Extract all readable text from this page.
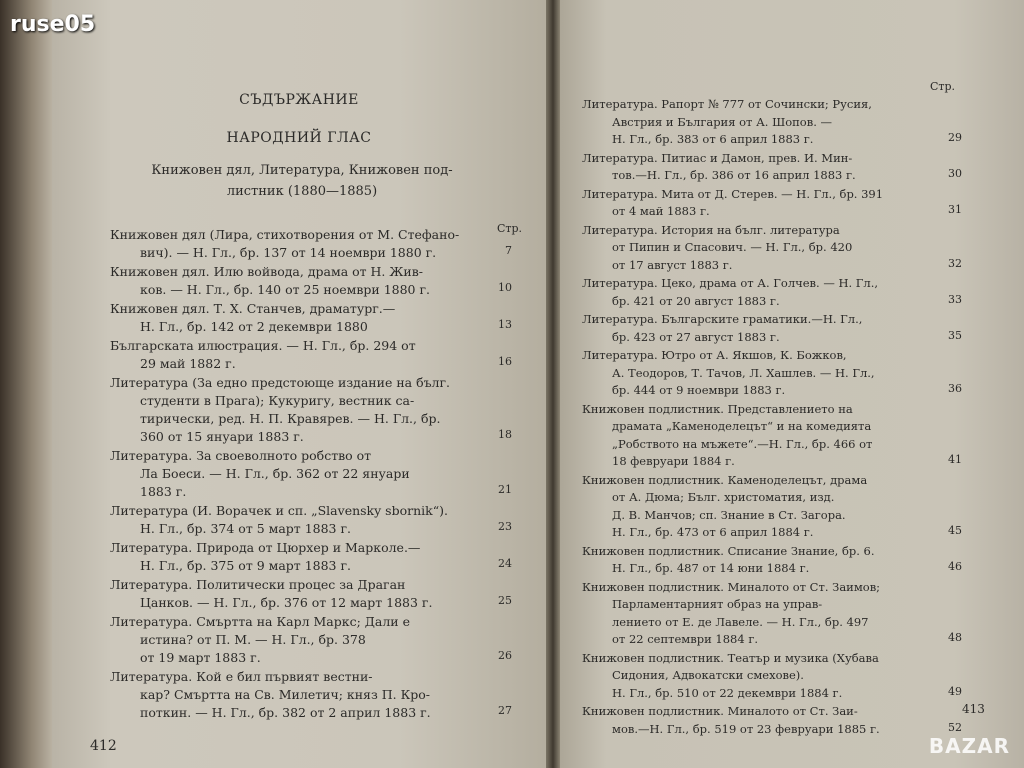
СЪДЪРЖАНИЕ
НАРОДНИЙ ГЛАС
Книжовен дял, Литература, Книжовен под-
листник (1880—1885)
Стр.
Книжовен дял (Лира, стихотворения от М. Стефано-
вич). — Н. Гл., бр. 137 от 14 ноември 1880 г.	7
Книжовен дял. Илю войвода, драма от Н. Жив-
ков. — Н. Гл., бр. 140 от 25 ноември 1880 г.	10
Книжовен дял. Т. Х. Станчев, драматург.—
Н. Гл., бр. 142 от 2 декември 1880	13
Българската илюстрация. — Н. Гл., бр. 294 от
29 май 1882 г.	16
Литература (За едно предстоюще издание на бълг.
студенти в Прага); Кукуригу, вестник са-
тирически, ред. Н. П. Кравярев. — Н. Гл., бр.
360 от 15 януари 1883 г.	18
Литература. За своеволното робство от
Ла Боеси. — Н. Гл., бр. 362 от 22 януари
1883 г.	21
Литература (И. Ворачек и сп. „Slavensky sbornik“).
Н. Гл., бр. 374 от 5 март 1883 г.	23
Литература. Природа от Цюрхер и Марколе.—
Н. Гл., бр. 375 от 9 март 1883 г.	24
Литература. Политически процес за Драган
Цанков. — Н. Гл., бр. 376 от 12 март 1883 г.	25
Литература. Смъртта на Карл Маркс; Дали е
истина? от П. М. — Н. Гл., бр. 378
от 19 март 1883 г.	26
Литература. Кой е бил първият вестни-
кар? Смъртта на Св. Милетич; княз П. Кро-
поткин. — Н. Гл., бр. 382 от 2 април 1883 г.	27
412
Стр.
Литература. Рапорт № 777 от Сочински; Русия,
Австрия и България от А. Шопов. —
Н. Гл., бр. 383 от 6 април 1883 г.	29
Литература. Питиас и Дамон, прев. И. Мин-
тов.—Н. Гл., бр. 386 от 16 април 1883 г.	30
Литература. Мита от Д. Стерев. — Н. Гл., бр. 391
от 4 май 1883 г.	31
Литература. История на бълг. литература
от Пипин и Спасович. — Н. Гл., бр. 420
от 17 август 1883 г.	32
Литература. Цеко, драма от А. Голчев. — Н. Гл.,
бр. 421 от 20 август 1883 г.	33
Литература. Българските граматики.—Н. Гл.,
бр. 423 от 27 август 1883 г.	35
Литература. Ютро от А. Якшов, К. Божков,
А. Теодоров, Т. Тачов, Л. Хашлев. — Н. Гл.,
бр. 444 от 9 ноември 1883 г.	36
Книжовен подлистник. Представлението на
драмата „Каменоделецът“ и на комедията
„Робството на мъжете“.—Н. Гл., бр. 466 от
18 февруари 1884 г.	41
Книжовен подлистник. Каменоделецът, драма
от А. Дюма; Бълг. христоматия, изд.
Д. В. Манчов; сп. Знание в Ст. Загора.
Н. Гл., бр. 473 от 6 април 1884 г.	45
Книжовен подлистник. Списание Знание, бр. 6.
Н. Гл., бр. 487 от 14 юни 1884 г.	46
Книжовен подлистник. Миналото от Ст. Заимов;
Парламентарният образ на управ-
лението от Е. де Лавеле. — Н. Гл., бр. 497
от 22 септември 1884 г.	48
Книжовен подлистник. Театър и музика (Хубава
Сидония, Адвокатски смехове).
Н. Гл., бр. 510 от 22 декември 1884 г.	49
Книжовен подлистник. Миналото от Ст. Заи-
мов.—Н. Гл., бр. 519 от 23 февруари 1885 г.	52
413
ruse05
BAZAR
